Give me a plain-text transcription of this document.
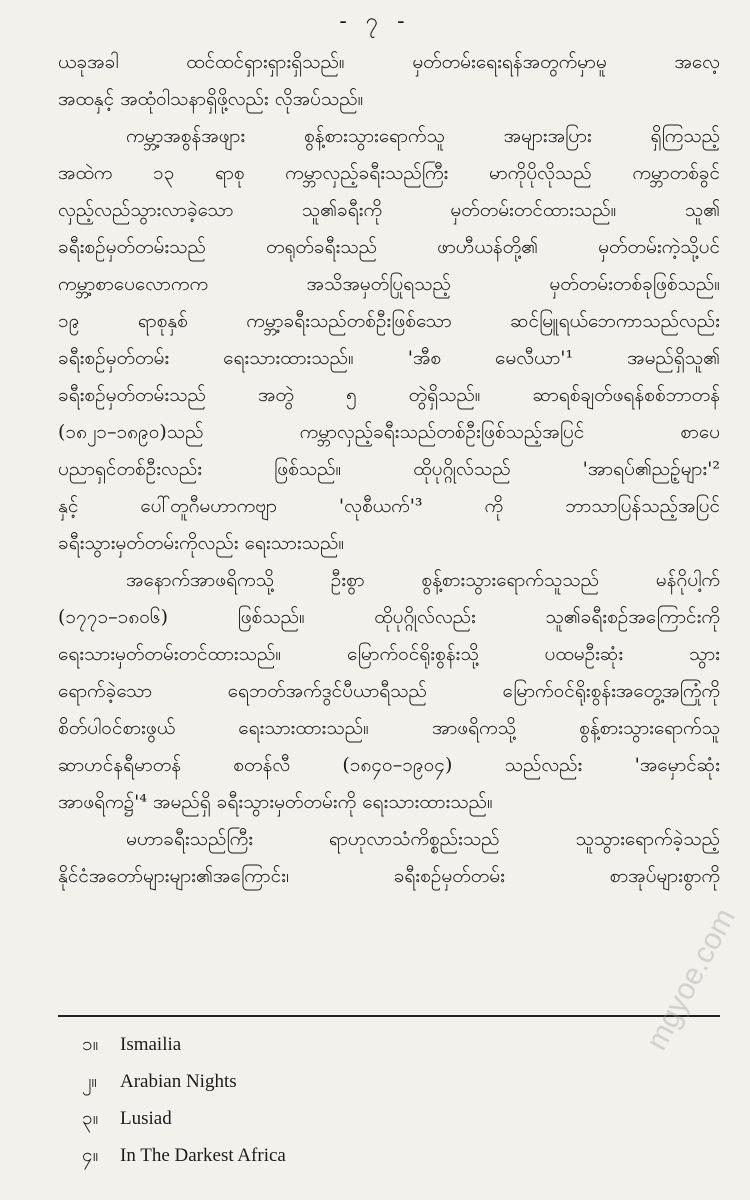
- ၇ -
ယခုအခါ ထင်ထင်ရှားရှားရှိသည်။ မှတ်တမ်းရေးရန်အတွက်မှာမူ အလေ့
အထနှင့် အထုံဝါသနာရှိဖို့လည်း လိုအပ်သည်။
ကမ္ဘာ့အစွန်အဖျား စွန့်စားသွားရောက်သူ အများအပြား ရှိကြသည့်
အထဲက ၁၃ ရာစု ကမ္ဘာလှည့်ခရီးသည်ကြီး မာကိုပိုလိုသည် ကမ္ဘာတစ်ခွင်
လှည့်လည်သွားလာခဲ့သော သူ၏ခရီးကို မှတ်တမ်းတင်ထားသည်။ သူ၏
ခရီးစဉ်မှတ်တမ်းသည် တရုတ်ခရီးသည် ဖာဟီယန်တို့၏ မှတ်တမ်းကဲ့သို့ပင်
ကမ္ဘာ့စာပေလောကက အသိအမှတ်ပြုရသည့် မှတ်တမ်းတစ်ခုဖြစ်သည်။
၁၉ ရာစုနှစ် ကမ္ဘာ့ခရီးသည်တစ်ဦးဖြစ်သော ဆင်မြူရယ်ဘေကာသည်လည်း
ခရီးစဉ်မှတ်တမ်း ရေးသားထားသည်။ 'အီစ မေလီယာ'¹ အမည်ရှိသူ၏
ခရီးစဉ်မှတ်တမ်းသည် အတွဲ ၅ တွဲရှိသည်။ ဆာရစ်ချတ်ဖရန်စစ်ဘာတန်
(၁၈၂၁–၁၈၉၀)သည် ကမ္ဘာလှည့်ခရီးသည်တစ်ဦးဖြစ်သည့်အပြင် စာပေ
ပညာရှင်တစ်ဦးလည်း ဖြစ်သည်။ ထိုပုဂ္ဂိုလ်သည် 'အာရပ်၏ညဉ့်များ'²
နှင့် ပေါ်တူဂီမဟာကဗျာ 'လုစီယက်'³ ကို ဘာသာပြန်သည့်အပြင်
ခရီးသွားမှတ်တမ်းကိုလည်း ရေးသားသည်။
အနောက်အာဖရိကသို့ ဦးစွာ စွန့်စားသွားရောက်သူသည် မန်ဂိုပါ့က်
(၁၇၇၁–၁၈၀၆) ဖြစ်သည်။ ထိုပုဂ္ဂိုလ်လည်း သူ၏ခရီးစဉ်အကြောင်းကို
ရေးသားမှတ်တမ်းတင်ထားသည်။ မြောက်ဝင်ရိုးစွန်းသို့ ပထမဦးဆုံး သွား
ရောက်ခဲ့သော ရေဘတ်အက်ဒွင်ပီယာရီသည် မြောက်ဝင်ရိုးစွန်းအတွေ့အကြုံကို
စိတ်ပါဝင်စားဖွယ် ရေးသားထားသည်။ အာဖရိကသို့ စွန့်စားသွားရောက်သူ
ဆာဟင်နရီမာတန် စတန်လီ (၁၈၄၀–၁၉၀၄) သည်လည်း 'အမှောင်ဆုံး
အာဖရိက၌'⁴ အမည်ရှိ ခရီးသွားမှတ်တမ်းကို ရေးသားထားသည်။
မဟာခရီးသည်ကြီး ရာဟုလာသံကိစ္စည်းသည် သူသွားရောက်ခဲ့သည့်
နိုင်ငံအတော်များများ၏အကြောင်း၊ ခရီးစဉ်မှတ်တမ်း စာအုပ်များစွာကို
၁။ Ismailia
၂။ Arabian Nights
၃။ Lusiad
၄။ In The Darkest Africa
mgyoe.com
